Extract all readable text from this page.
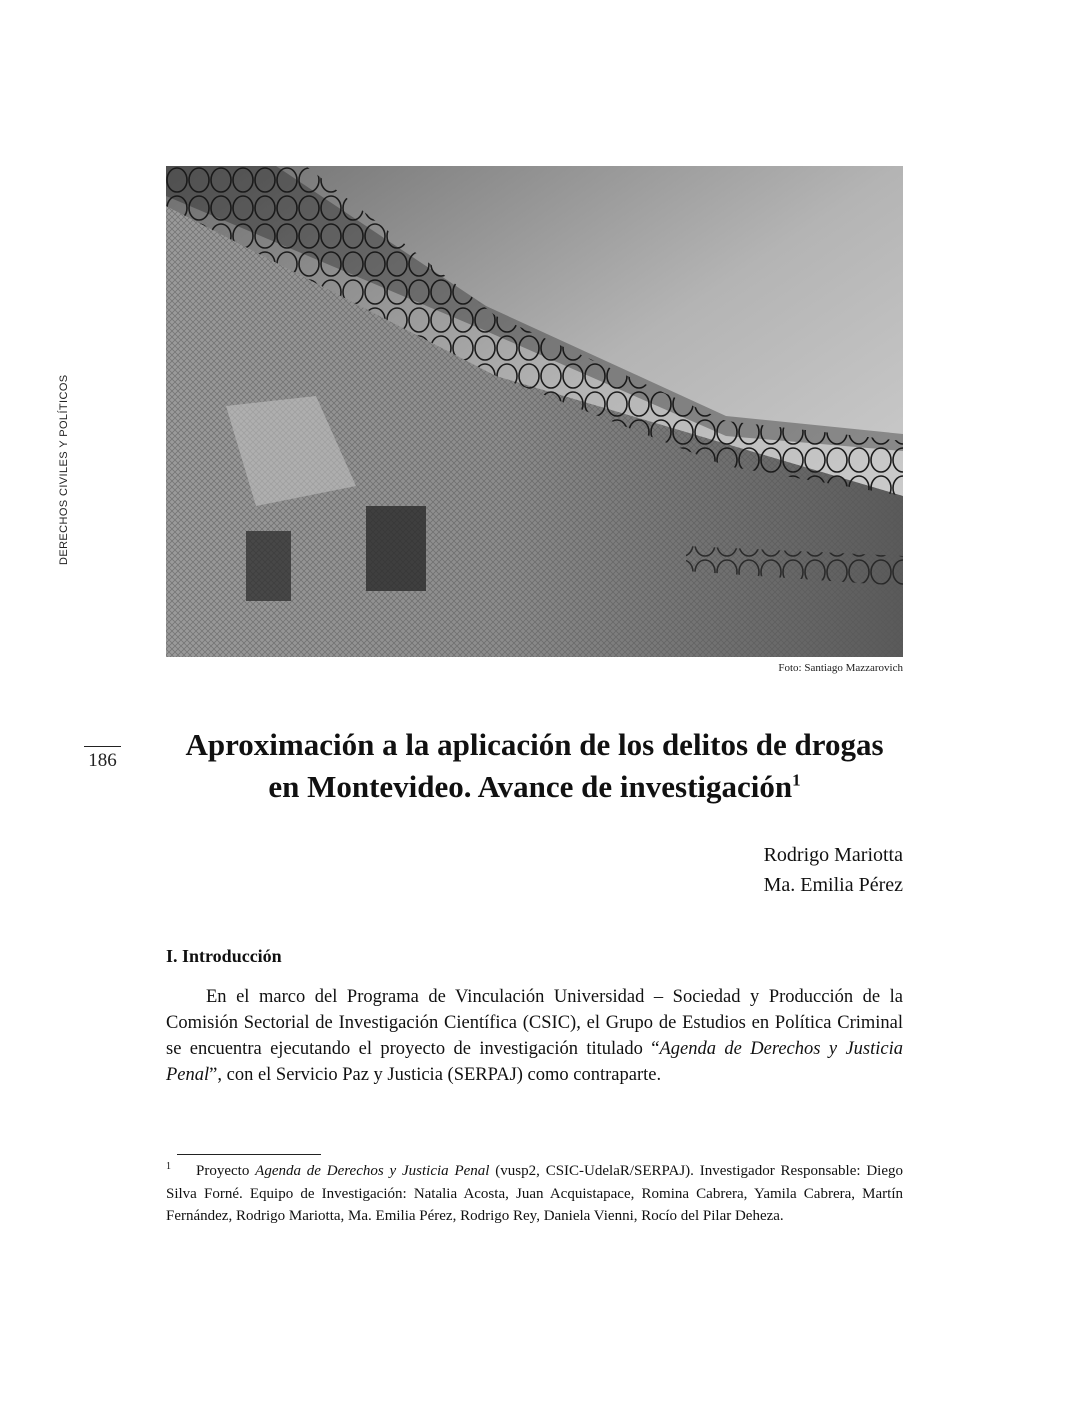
DERECHOS CIVILES Y POLÍTICOS
Foto: Santiago Mazzarovich
186	Aproximación a la aplicación de los delitos de drogas
en Montevideo. Avance de investigación$^1$
Rodrigo Mariotta
Ma. Emilia Pérez
I. Introducción

En el marco del Programa de Vinculación Universidad – Sociedad y Producción de la Comisión Sectorial de Investigación Científica (CSIC), el Grupo de Estudios en Política Criminal se encuentra ejecutando el proyecto de investigación titulado “Agenda de Derechos y Justicia Penal”, con el Servicio Paz y Justicia (SERPAJ) como contraparte.

1 Proyecto Agenda de Derechos y Justicia Penal (vusp2, CSIC-UdelaR/SERPAJ). Investigador Responsable: Diego Silva Forné. Equipo de Investigación: Natalia Acosta, Juan Acquistapace, Romina Cabrera, Yamila Cabrera, Martín Fernández, Rodrigo Mariotta, Ma. Emilia Pérez, Rodrigo Rey, Daniela Vienni, Rocío del Pilar Deheza.
